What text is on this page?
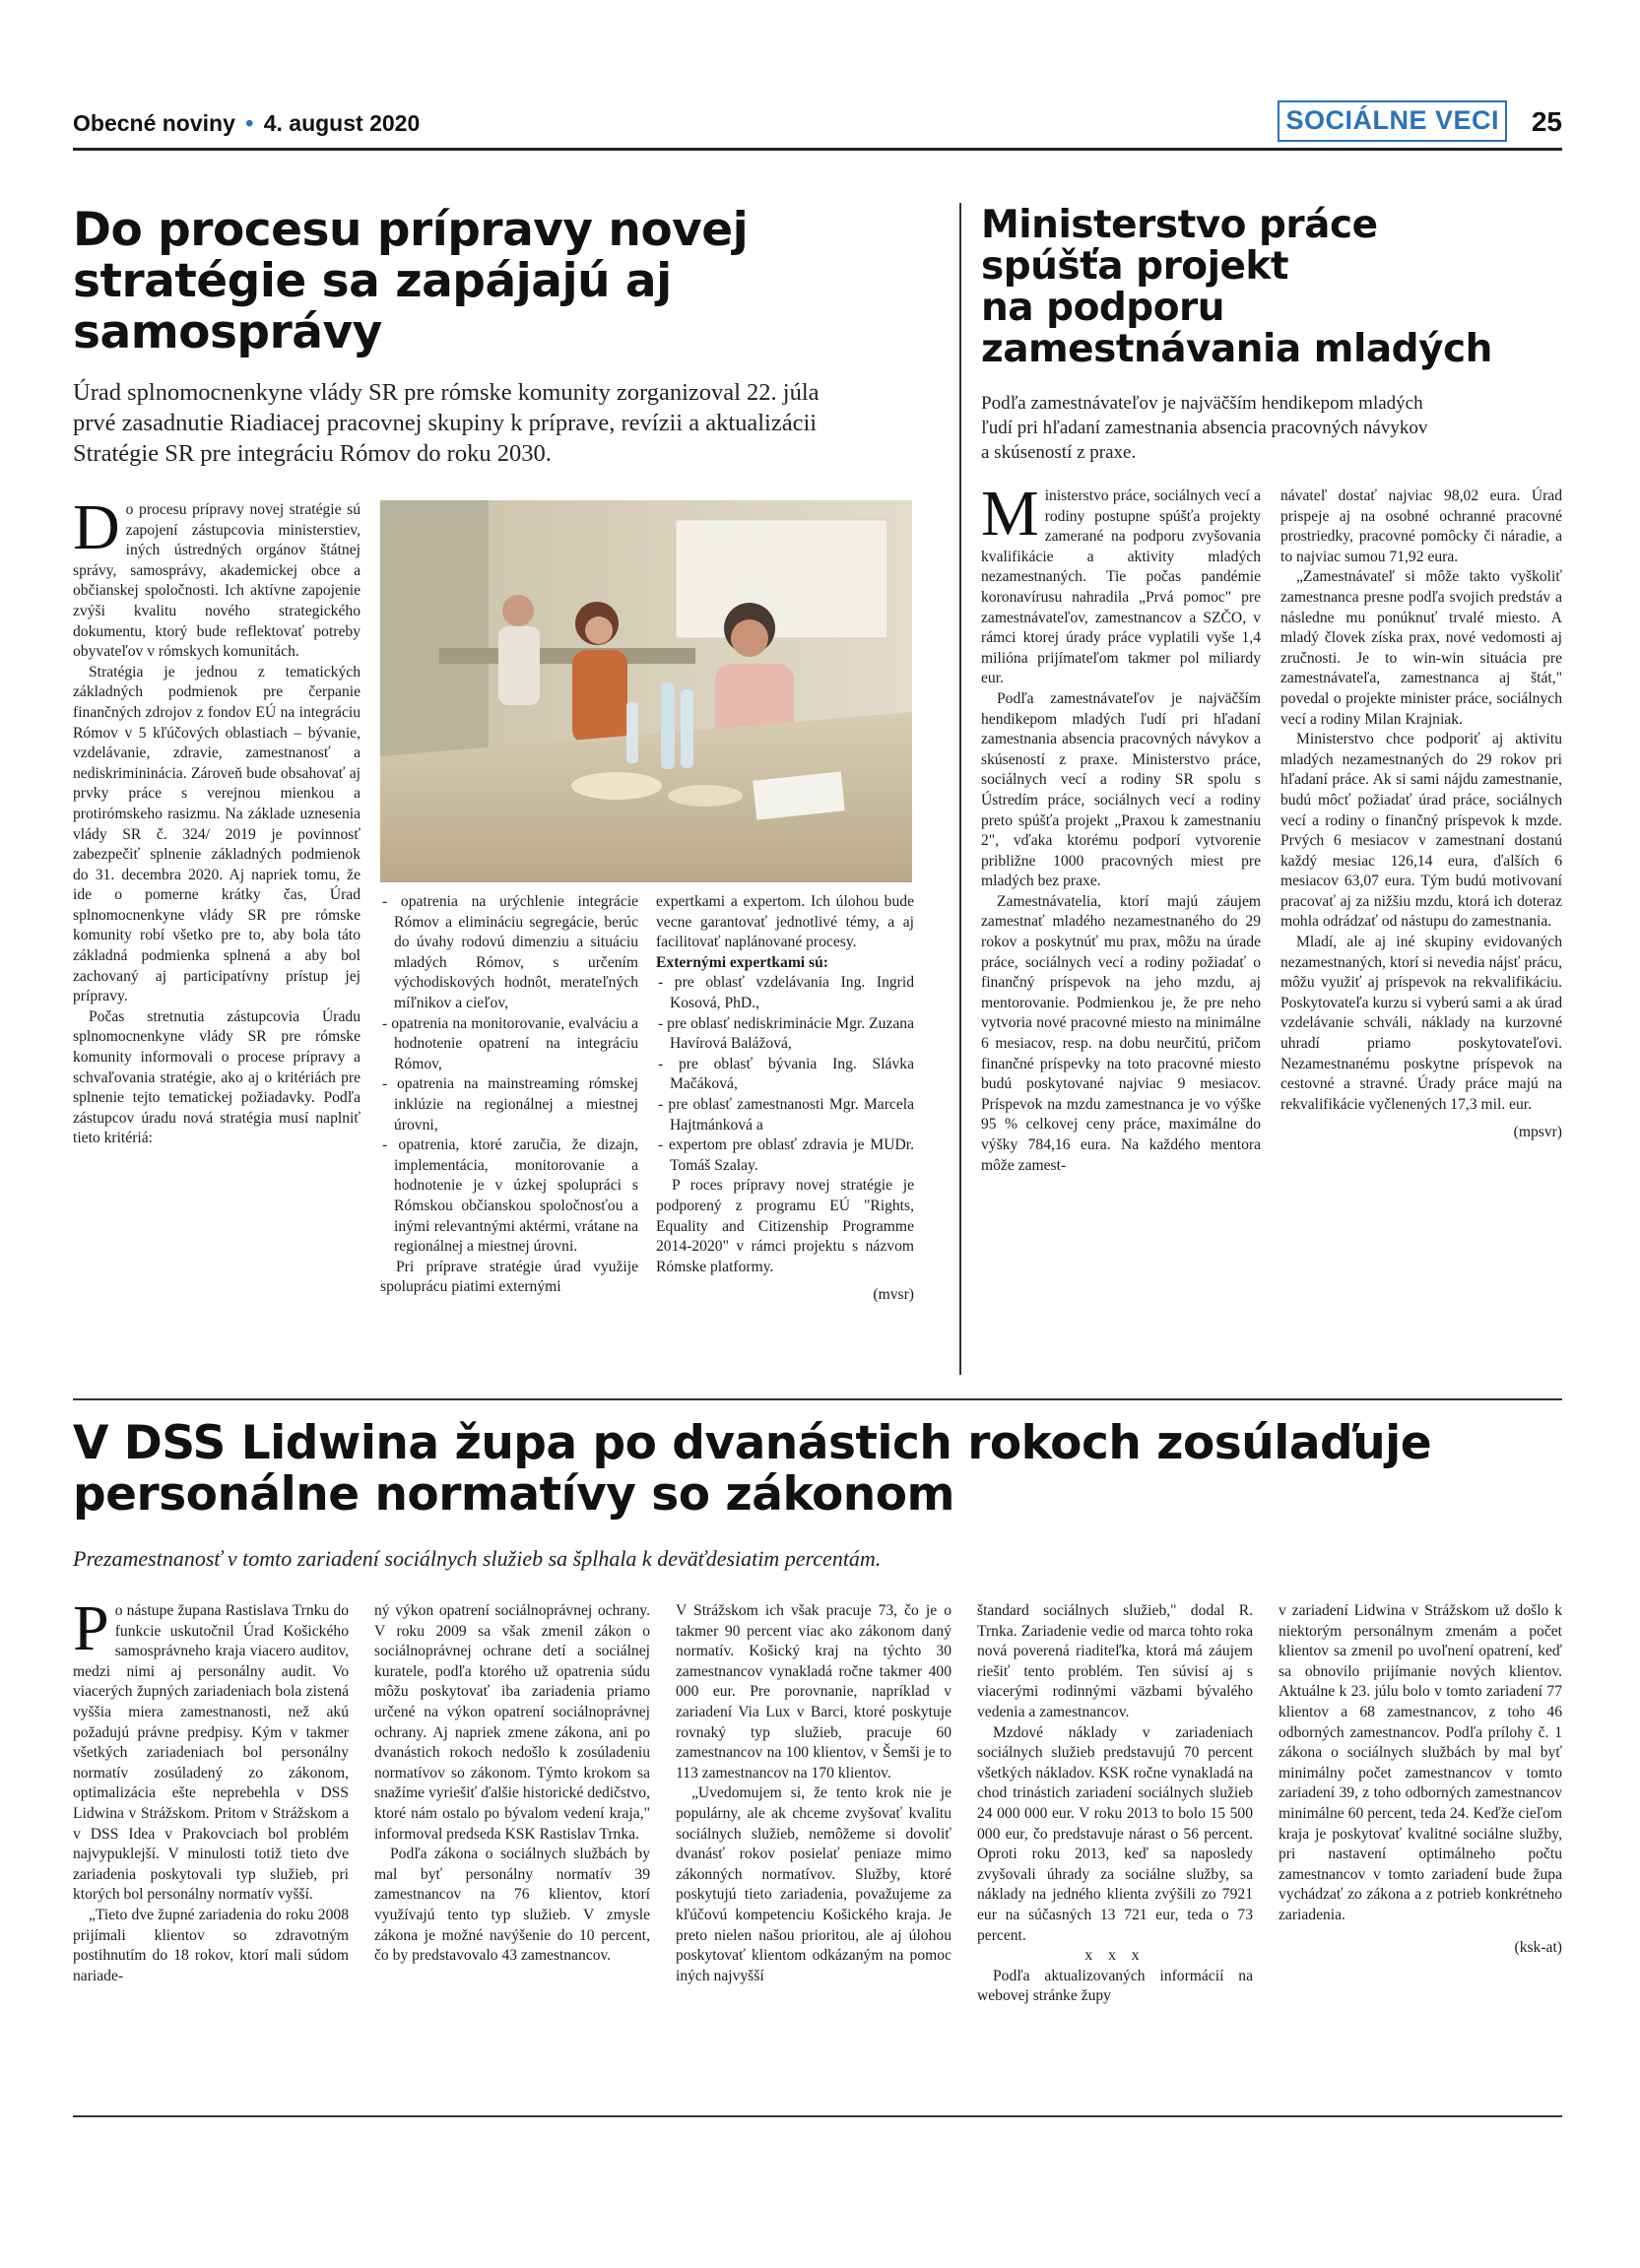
Obecné noviny • 4. august 2020	SOCIÁLNE VECI 25
Do procesu prípravy novej
stratégie sa zapájajú aj
samosprávy
Úrad splnomocnenkyne vlády SR pre rómske komunity zorganizoval 22. júla
prvé zasadnutie Riadiacej pracovnej skupiny k príprave, revízii a aktualizácii
Stratégie SR pre integráciu Rómov do roku 2030.

Do procesu prípravy novej stratégie sú zapojení zástupcovia ministerstiev, iných ústredných orgánov štátnej správy, samosprávy, akademickej obce a občianskej spoločnosti. Ich aktívne zapojenie zvýši kvalitu nového strategického dokumentu, ktorý bude reflektovať potreby obyvateľov v rómskych komunitách.

Stratégia je jednou z tematických základných podmienok pre čerpanie finančných zdrojov z fondov EÚ na integráciu Rómov v 5 kľúčových oblastiach – bývanie, vzdelávanie, zdravie, zamestnanosť a nediskrimininácia. Zároveň bude obsahovať aj prvky práce s verejnou mienkou a protirómskeho rasizmu. Na základe uznesenia vlády SR č. 324/ 2019 je povinnosť zabezpečiť splnenie základných podmienok do 31. decembra 2020. Aj napriek tomu, že ide o pomerne krátky čas, Úrad splnomocnenkyne vlády SR pre rómske komunity robí všetko pre to, aby bola táto základná podmienka splnená a aby bol zachovaný aj participatívny prístup jej prípravy.

Počas stretnutia zástupcovia Úradu splnomocnenkyne vlády SR pre rómske komunity informovali o procese prípravy a schvaľovania stratégie, ako aj o kritériách pre splnenie tejto tematickej požiadavky. Podľa zástupcov úradu nová stratégia musí naplniť tieto kritériá:

- opatrenia na urýchlenie integrácie Rómov a elimináciu segregácie, berúc do úvahy rodovú dimenziu a situáciu mladých Rómov, s určením východiskových hodnôt, merateľných míľnikov a cieľov,

- opatrenia na monitorovanie, evalváciu a hodnotenie opatrení na integráciu Rómov,

- opatrenia na mainstreaming rómskej inklúzie na regionálnej a miestnej úrovni,

- opatrenia, ktoré zaručia, že dizajn, implementácia, monitorovanie a hodnotenie je v úzkej spolupráci s Rómskou občianskou spoločnosťou a inými relevantnými aktérmi, vrátane na regionálnej a miestnej úrovni.

Pri príprave stratégie úrad využije spoluprácu piatimi externými

expertkami a expertom. Ich úlohou bude vecne garantovať jednotlivé témy, a aj facilitovať naplánované procesy.

Externými expertkami sú:

- pre oblasť vzdelávania Ing. Ingrid Kosová, PhD.,

- pre oblasť nediskriminácie Mgr. Zuzana Havírová Balážová,

- pre oblasť bývania Ing. Slávka Mačáková,

- pre oblasť zamestnanosti Mgr. Marcela Hajtmánková a

- expertom pre oblasť zdravia je MUDr. Tomáš Szalay.

P roces prípravy novej stratégie je podporený z programu EÚ "Rights, Equality and Citizenship Programme 2014-2020" v rámci projektu s názvom Rómske platformy.

(mvsr)

Ministerstvo práce
spúšťa projekt
na podporu
zamestnávania mladých
Podľa zamestnávateľov je najväčším hendikepom mladých
ľudí pri hľadaní zamestnania absencia pracovných návykov
a skúseností z praxe.

Ministerstvo práce, sociálnych vecí a rodiny postupne spúšťa projekty zamerané na podporu zvyšovania kvalifikácie a aktivity mladých nezamestnaných. Tie počas pandémie koronavírusu nahradila „Prvá pomoc" pre zamestnávateľov, zamestnancov a SZČO, v rámci ktorej úrady práce vyplatili vyše 1,4 milióna prijímateľom takmer pol miliardy eur.

Podľa zamestnávateľov je najväčším hendikepom mladých ľudí pri hľadaní zamestnania absencia pracovných návykov a skúseností z praxe. Ministerstvo práce, sociálnych vecí a rodiny SR spolu s Ústredím práce, sociálnych vecí a rodiny preto spúšťa projekt „Praxou k zamestnaniu 2", vďaka ktorému podporí vytvorenie približne 1000 pracovných miest pre mladých bez praxe.

Zamestnávatelia, ktorí majú záujem zamestnať mladého nezamestnaného do 29 rokov a poskytnúť mu prax, môžu na úrade práce, sociálnych vecí a rodiny požiadať o finančný príspevok na jeho mzdu, aj mentorovanie. Podmienkou je, že pre neho vytvoria nové pracovné miesto na minimálne 6 mesiacov, resp. na dobu neurčitú, pričom finančné príspevky na toto pracovné miesto budú poskytované najviac 9 mesiacov. Príspevok na mzdu zamestnanca je vo výške 95 % celkovej ceny práce, maximálne do výšky 784,16 eura. Na každého mentora môže zamest-

návateľ dostať najviac 98,02 eura. Úrad prispeje aj na osobné ochranné pracovné prostriedky, pracovné pomôcky či náradie, a to najviac sumou 71,92 eura.

„Zamestnávateľ si môže takto vyškoliť zamestnanca presne podľa svojich predstáv a následne mu ponúknuť trvalé miesto. A mladý človek získa prax, nové vedomosti aj zručnosti. Je to win-win situácia pre zamestnávateľa, zamestnanca aj štát," povedal o projekte minister práce, sociálnych vecí a rodiny Milan Krajniak.

Ministerstvo chce podporiť aj aktivitu mladých nezamestnaných do 29 rokov pri hľadaní práce. Ak si sami nájdu zamestnanie, budú môcť požiadať úrad práce, sociálnych vecí a rodiny o finančný príspevok k mzde. Prvých 6 mesiacov v zamestnaní dostanú každý mesiac 126,14 eura, ďalších 6 mesiacov 63,07 eura. Tým budú motivovaní pracovať aj za nižšiu mzdu, ktorá ich doteraz mohla odrádzať od nástupu do zamestnania.

Mladí, ale aj iné skupiny evidovaných nezamestnaných, ktorí si nevedia nájsť prácu, môžu využiť aj príspevok na rekvalifikáciu. Poskytovateľa kurzu si vyberú sami a ak úrad vzdelávanie schváli, náklady na kurzovné uhradí priamo poskytovateľovi. Nezamestnanému poskytne príspevok na cestovné a stravné. Úrady práce majú na rekvalifikácie vyčlenených 17,3 mil. eur.

(mpsvr)

V DSS Lidwina župa po dvanástich rokoch zosúlaďuje
personálne normatívy so zákonom
Prezamestnanosť v tomto zariadení sociálnych služieb sa šplhala k deväťdesiatim percentám.

Po nástupe župana Rastislava Trnku do funkcie uskutočnil Úrad Košického samosprávneho kraja viacero auditov, medzi nimi aj personálny audit. Vo viacerých župných zariadeniach bola zistená vyššia miera zamestnanosti, než akú požadujú právne predpisy. Kým v takmer všetkých zariadeniach bol personálny normatív zosúladený zo zákonom, optimalizácia ešte neprebehla v DSS Lidwina v Strážskom. Pritom v Strážskom a v DSS Idea v Prakovciach bol problém najvypuklejší. V minulosti totiž tieto dve zariadenia poskytovali typ služieb, pri ktorých bol personálny normatív vyšší.

„Tieto dve župné zariadenia do roku 2008 prijímali klientov so zdravotným postihnutím do 18 rokov, ktorí mali súdom nariade-

ný výkon opatrení sociálnoprávnej ochrany. V roku 2009 sa však zmenil zákon o sociálnoprávnej ochrane detí a sociálnej kuratele, podľa ktorého už opatrenia súdu môžu poskytovať iba zariadenia priamo určené na výkon opatrení sociálnoprávnej ochrany. Aj napriek zmene zákona, ani po dvanástich rokoch nedošlo k zosúladeniu normatívov so zákonom. Týmto krokom sa snažíme vyriešiť ďalšie historické dedičstvo, ktoré nám ostalo po bývalom vedení kraja," informoval predseda KSK Rastislav Trnka.

Podľa zákona o sociálnych službách by mal byť personálny normatív 39 zamestnancov na 76 klientov, ktorí využívajú tento typ služieb. V zmysle zákona je možné navýšenie do 10 percent, čo by predstavovalo 43 zamestnancov.

V Strážskom ich však pracuje 73, čo je o takmer 90 percent viac ako zákonom daný normatív. Košický kraj na týchto 30 zamestnancov vynakladá ročne takmer 400 000 eur. Pre porovnanie, napríklad v zariadení Via Lux v Barci, ktoré poskytuje rovnaký typ služieb, pracuje 60 zamestnancov na 100 klientov, v Šemši je to 113 zamestnancov na 170 klientov.

„Uvedomujem si, že tento krok nie je populárny, ale ak chceme zvyšovať kvalitu sociálnych služieb, nemôžeme si dovoliť dvanásť rokov posielať peniaze mimo zákonných normatívov. Služby, ktoré poskytujú tieto zariadenia, považujeme za kľúčovú kompetenciu Košického kraja. Je preto nielen našou prioritou, ale aj úlohou poskytovať klientom odkázaným na pomoc iných najvyšší

štandard sociálnych služieb," dodal R. Trnka. Zariadenie vedie od marca tohto roka nová poverená riaditeľka, ktorá má záujem riešiť tento problém. Ten súvisí aj s viacerými rodinnými väzbami bývalého vedenia a zamestnancov.

Mzdové náklady v zariadeniach sociálnych služieb predstavujú 70 percent všetkých nákladov. KSK ročne vynakladá na chod trinástich zariadení sociálnych služieb 24 000 000 eur. V roku 2013 to bolo 15 500 000 eur, čo predstavuje nárast o 56 percent. Oproti roku 2013, keď sa naposledy zvyšovali úhrady za sociálne služby, sa náklady na jedného klienta zvýšili zo 7921 eur na súčasných 13 721 eur, teda o 73 percent.

x x x

Podľa aktualizovaných informácií na webovej stránke župy

v zariadení Lidwina v Strážskom už došlo k niektorým personálnym zmenám a počet klientov sa zmenil po uvoľnení opatrení, keď sa obnovilo prijímanie nových klientov. Aktuálne k 23. júlu bolo v tomto zariadení 77 klientov a 68 zamestnancov, z toho 46 odborných zamestnancov. Podľa prílohy č. 1 zákona o sociálnych službách by mal byť minimálny počet zamestnancov v tomto zariadení 39, z toho odborných zamestnancov minimálne 60 percent, teda 24. Keďže cieľom kraja je poskytovať kvalitné sociálne služby, pri nastavení optimálneho počtu zamestnancov v tomto zariadení bude župa vychádzať zo zákona a z potrieb konkrétneho zariadenia.

(ksk-at)
